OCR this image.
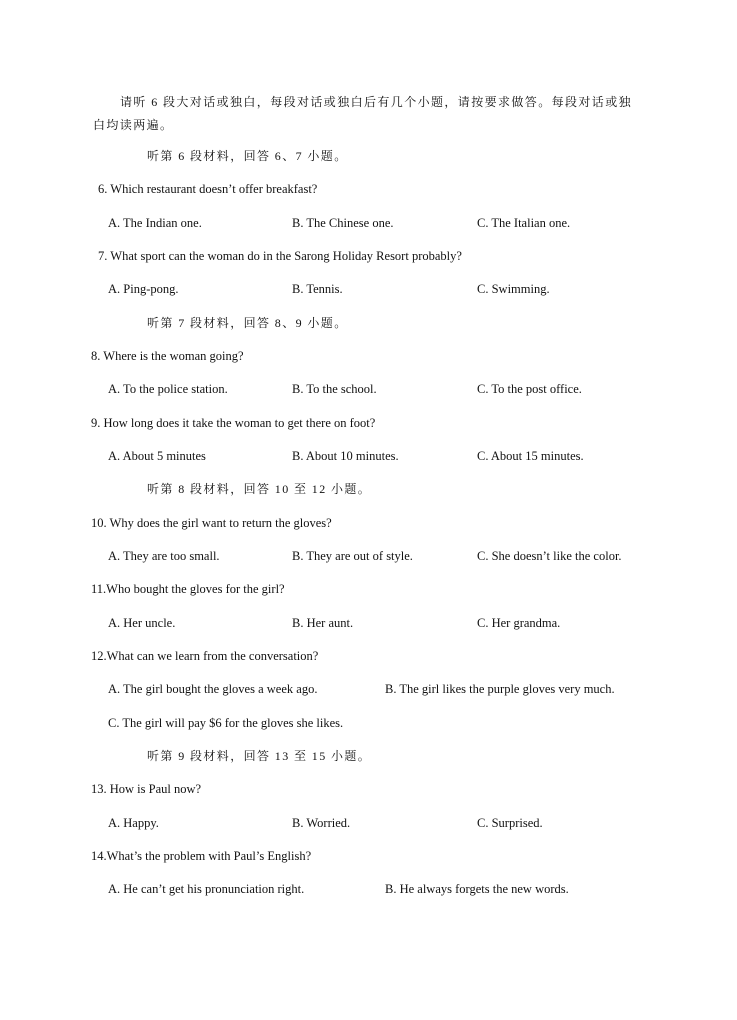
请听 6 段大对话或独白，每段对话或独白后有几个小题，请按要求做答。每段对话或独
白均读两遍。
听第 6 段材料，回答 6、7 小题。
6. Which restaurant doesn’t offer breakfast?
A. The Indian one.	B. The Chinese one.	C. The Italian one.
7. What sport can the woman do in the Sarong Holiday Resort probably?
A. Ping-pong.	B. Tennis.	C. Swimming.
听第 7 段材料，回答 8、9 小题。
8. Where is the woman going?
A. To the police station.	B. To the school.	C. To the post office.
9. How long does it take the woman to get there on foot?
A. About 5 minutes	B. About 10 minutes.	C. About 15 minutes.
听第 8 段材料，回答 10 至 12 小题。
10. Why does the girl want to return the gloves?
A. They are too small.	B. They are out of style.	C. She doesn’t like the color.
11.Who bought the gloves for the girl?
A. Her uncle.	B. Her aunt.	C. Her grandma.
12.What can we learn from the conversation?
A. The girl bought the gloves a week ago.	B. The girl likes the purple gloves very much.
C. The girl will pay $6 for the gloves she likes.
听第 9 段材料，回答 13 至 15 小题。
13. How is Paul now?
A. Happy.	B. Worried.	C. Surprised.
14.What’s the problem with Paul’s English?
A. He can’t get his pronunciation right.	B. He always forgets the new words.
